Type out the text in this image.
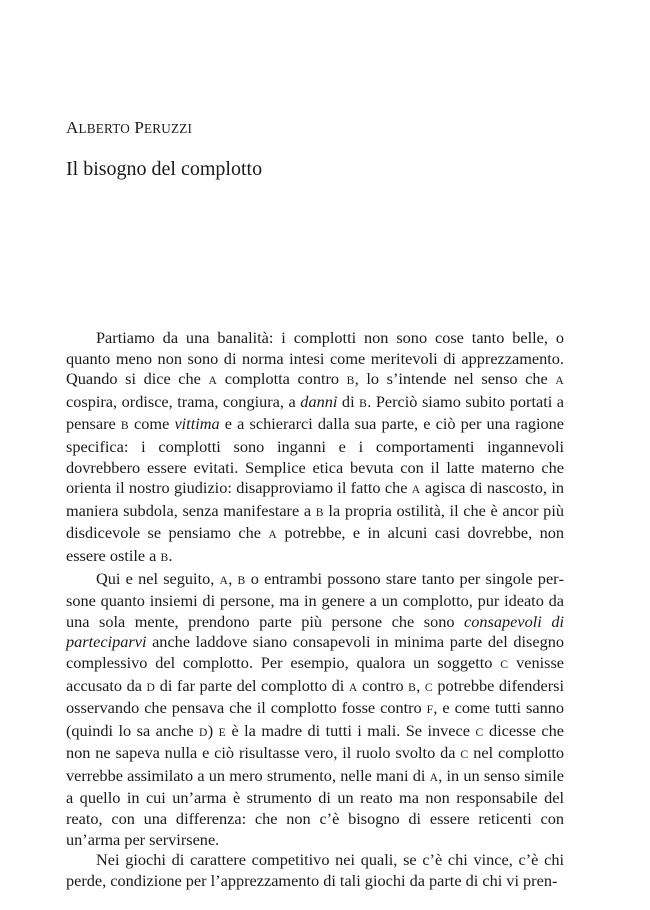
ALBERTO PERUZZI
Il bisogno del complotto

Partiamo da una banalità: i complotti non sono cose tanto belle, o quanto meno non sono di norma intesi come meritevoli di apprezzamento. Quando si dice che A complotta contro B, lo s’intende nel senso che A cospira, ordisce, trama, congiura, a danni di B. Perciò siamo subito portati a pensare B come vittima e a schierarci dalla sua parte, e ciò per una ragione specifica: i complotti sono inganni e i comportamenti ingannevoli dovrebbero essere evitati. Semplice etica bevuta con il latte materno che orienta il nostro giudizio: disapproviamo il fatto che A agisca di nascosto, in maniera subdola, senza manifestare a B la propria ostilità, il che è ancor più disdicevole se pensiamo che A potrebbe, e in alcuni casi dovrebbe, non essere ostile a B.

Qui e nel seguito, A, B o entrambi possono stare tanto per singole persone quanto insiemi di persone, ma in genere a un complotto, pur ideato da una sola mente, prendono parte più persone che sono consapevoli di parteciparvi anche laddove siano consapevoli in minima parte del disegno complessivo del complotto. Per esempio, qualora un soggetto C venisse accusato da D di far parte del complotto di A contro B, C potrebbe difendersi osservando che pensava che il complotto fosse contro F, e come tutti sanno (quindi lo sa anche D) E è la madre di tutti i mali. Se invece C dicesse che non ne sapeva nulla e ciò risultasse vero, il ruolo svolto da C nel complotto verrebbe assimilato a un mero strumento, nelle mani di A, in un senso simile a quello in cui un’arma è strumento di un reato ma non responsabile del reato, con una differenza: che non c’è bisogno di essere reticenti con un’arma per servirsene.

Nei giochi di carattere competitivo nei quali, se c’è chi vince, c’è chi perde, condizione per l’apprezzamento di tali giochi da parte di chi vi pren-
